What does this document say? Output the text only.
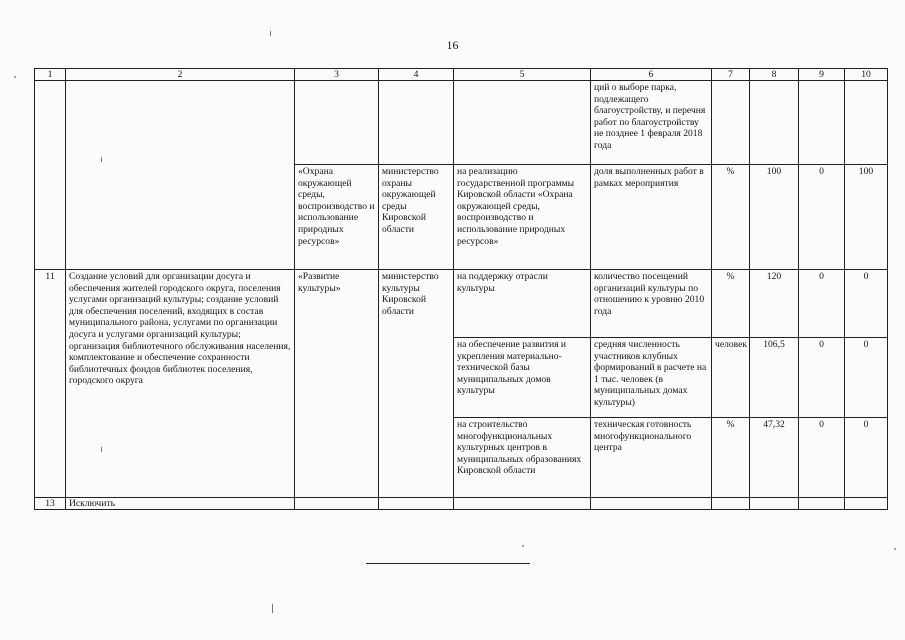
16
1	2	3	4	5	6	7	8	9	10
					ций о выборе парка, подлежащего благоустройству, и перечня работ по благоустройству не позднее 1 февраля 2018 года				
		«Охрана окружающей среды, воспроизводство и использование природных ресурсов»	министерство охраны окружающей среды Кировской области	на реализацию государственной программы Кировской области «Охрана окружающей среды, воспроизводство и использование природных ресурсов»	доля выполненных работ в рамках мероприятия	%	100	0	100
11	Создание условий для организации досуга и обеспечения жителей городского округа, поселения услугами организаций культуры; создание условий для обеспечения поселений, входящих в состав муниципального района, услугами по организации досуга и услугами организаций культуры; организация библиотечного обслуживания населения, комплектование и обеспечение сохранности библиотечных фондов библиотек поселения, городского округа	«Развитие культуры»	министерство культуры Кировской области	на поддержку отрасли культуры	количество посещений организаций культуры по отношению к уровню 2010 года	%	120	0	0
				на обеспечение развития и укрепления материально-технической базы муниципальных домов культуры	средняя численность участников клубных формирований в расчете на 1 тыс. человек (в муниципальных домах культуры)	человек	106,5	0	0
				на строительство многофункциональных культурных центров в муниципальных образованиях Кировской области	техническая готовность многофункционального центра	%	47,32	0	0
13	Исключить								
